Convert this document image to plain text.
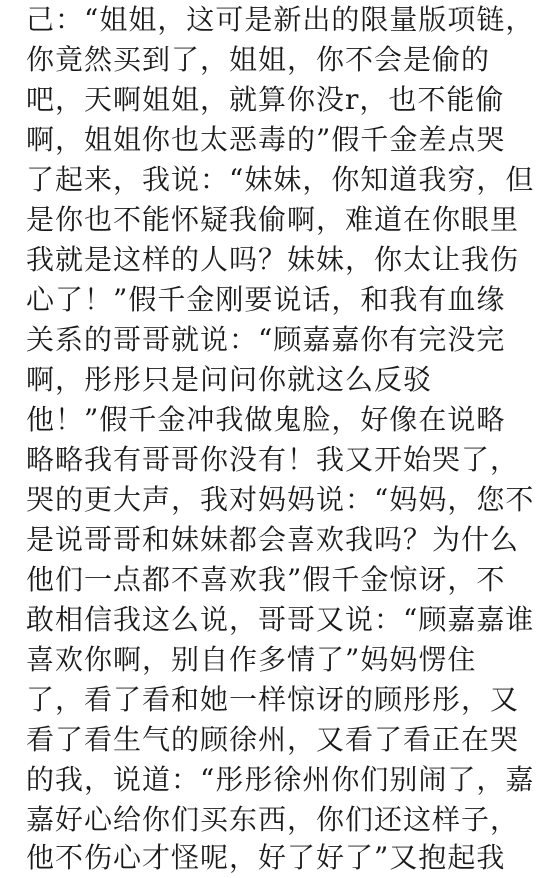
己：“姐姐，这可是新出的限量版项链，
你竟然买到了，姐姐，你不会是偷的
吧，天啊姐姐，就算你没r，也不能偷
啊，姐姐你也太恶毒的”假千金差点哭
了起来，我说：“妹妹，你知道我穷，但
是你也不能怀疑我偷啊，难道在你眼里
我就是这样的人吗？妹妹，你太让我伤
心了！”假千金刚要说话，和我有血缘
关系的哥哥就说：“顾嘉嘉你有完没完
啊，彤彤只是问问你就这么反驳
他！”假千金冲我做鬼脸，好像在说略
略略我有哥哥你没有！我又开始哭了，
哭的更大声，我对妈妈说：“妈妈，您不
是说哥哥和妹妹都会喜欢我吗？为什么
他们一点都不喜欢我”假千金惊讶，不
敢相信我这么说，哥哥又说：“顾嘉嘉谁
喜欢你啊，别自作多情了”妈妈愣住
了，看了看和她一样惊讶的顾彤彤，又
看了看生气的顾徐州，又看了看正在哭
的我，说道：“彤彤徐州你们别闹了，嘉
嘉好心给你们买东西，你们还这样子，
他不伤心才怪呢，好了好了”又抱起我
